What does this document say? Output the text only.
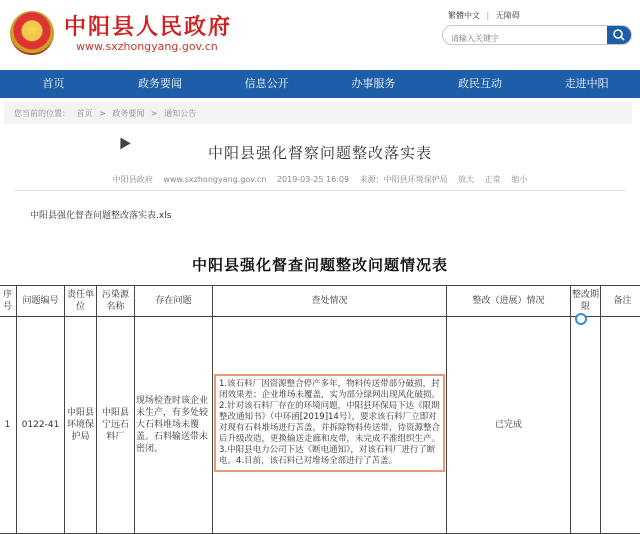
★
中阳县人民政府
www.sxzhongyang.gov.cn
繁體中文 | 无障碍
请输入关键字
首页	政务要闻	信息公开	办事服务	政民互动	走进中阳
您当前的位置： 首页 > 政务要闻 > 通知公告
中阳县强化督察问题整改落实表
中阳县政府 www.sxzhongyang.gov.cn 2019-03-25 16:09 来源：中阳县环境保护局 放大 正常 缩小
中阳县强化督查问题整改落实表.xls
中阳县强化督查问题整改问题情况表
序号	问题编号	责任单位	污染源名称	存在问题	查处情况	整改（进展）情况	整改期限	备注
1	0122-41	中阳县环境保护局	中阳县宁远石料厂	现场检查时该企业未生产，有多处较大石料堆场未覆盖。石料输送带未密闭。	1.该石料厂因资源整合停产多年，物料传送带部分破损，封闭效果差；企业堆场未覆盖，实为部分绿网出现风化破损。2.针对该石料厂存在的环境问题，中阳县环保局下达《限期整改通知书》（中环函[2019]14号），要求该石料厂立即对对现有石料堆场进行苫盖，并拆除物料传送带，待资源整合后升级改造，更换输送走廊和皮带，未完成不准组织生产。3.中阳县电力公司下达《断电通知》，对该石料厂进行了断电。4.目前，该石料已对堆场全部进行了苫盖。	已完成		
